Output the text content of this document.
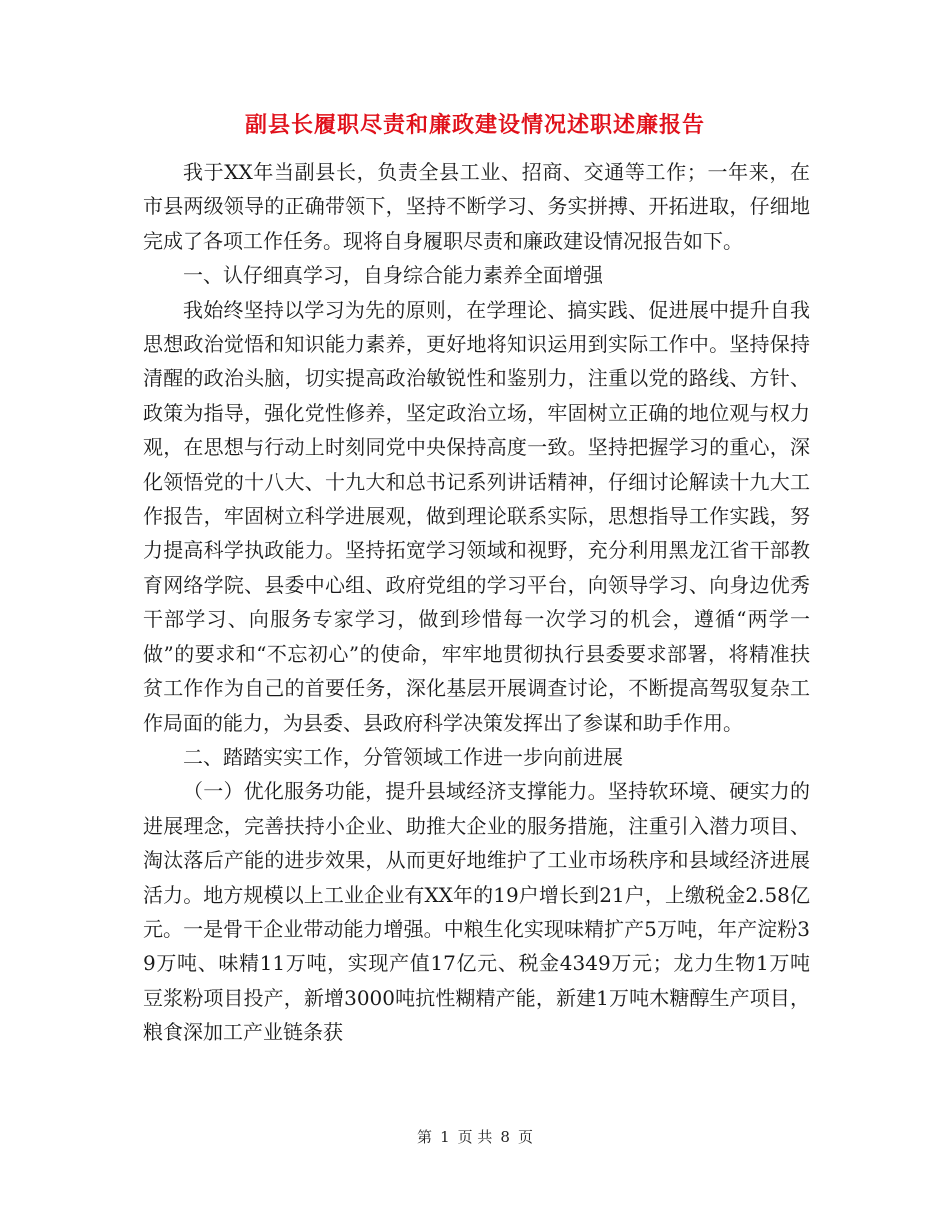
副县长履职尽责和廉政建设情况述职述廉报告

我于XX年当副县长，负责全县工业、招商、交通等工作；一年来，在市县两级领导的正确带领下，坚持不断学习、务实拼搏、开拓进取，仔细地完成了各项工作任务。现将自身履职尽责和廉政建设情况报告如下。

一、认仔细真学习，自身综合能力素养全面增强

我始终坚持以学习为先的原则，在学理论、搞实践、促进展中提升自我思想政治觉悟和知识能力素养，更好地将知识运用到实际工作中。坚持保持清醒的政治头脑，切实提高政治敏锐性和鉴别力，注重以党的路线、方针、政策为指导，强化党性修养，坚定政治立场，牢固树立正确的地位观与权力观，在思想与行动上时刻同党中央保持高度一致。坚持把握学习的重心，深化领悟党的十八大、十九大和总书记系列讲话精神，仔细讨论解读十九大工作报告，牢固树立科学进展观，做到理论联系实际，思想指导工作实践，努力提高科学执政能力。坚持拓宽学习领域和视野，充分利用黑龙江省干部教育网络学院、县委中心组、政府党组的学习平台，向领导学习、向身边优秀干部学习、向服务专家学习，做到珍惜每一次学习的机会，遵循“两学一做”的要求和“不忘初心”的使命，牢牢地贯彻执行县委要求部署，将精准扶贫工作作为自己的首要任务，深化基层开展调查讨论，不断提高驾驭复杂工作局面的能力，为县委、县政府科学决策发挥出了参谋和助手作用。

二、踏踏实实工作，分管领域工作进一步向前进展

（一）优化服务功能，提升县域经济支撑能力。坚持软环境、硬实力的进展理念，完善扶持小企业、助推大企业的服务措施，注重引入潜力项目、淘汰落后产能的进步效果，从而更好地维护了工业市场秩序和县域经济进展活力。地方规模以上工业企业有XX年的19户增长到21户，上缴税金2.58亿元。一是骨干企业带动能力增强。中粮生化实现味精扩产5万吨，年产淀粉39万吨、味精11万吨，实现产值17亿元、税金4349万元；龙力生物1万吨豆浆粉项目投产，新增3000吨抗性糊精产能，新建1万吨木糖醇生产项目，粮食深加工产业链条获

第 1 页 共 8 页
